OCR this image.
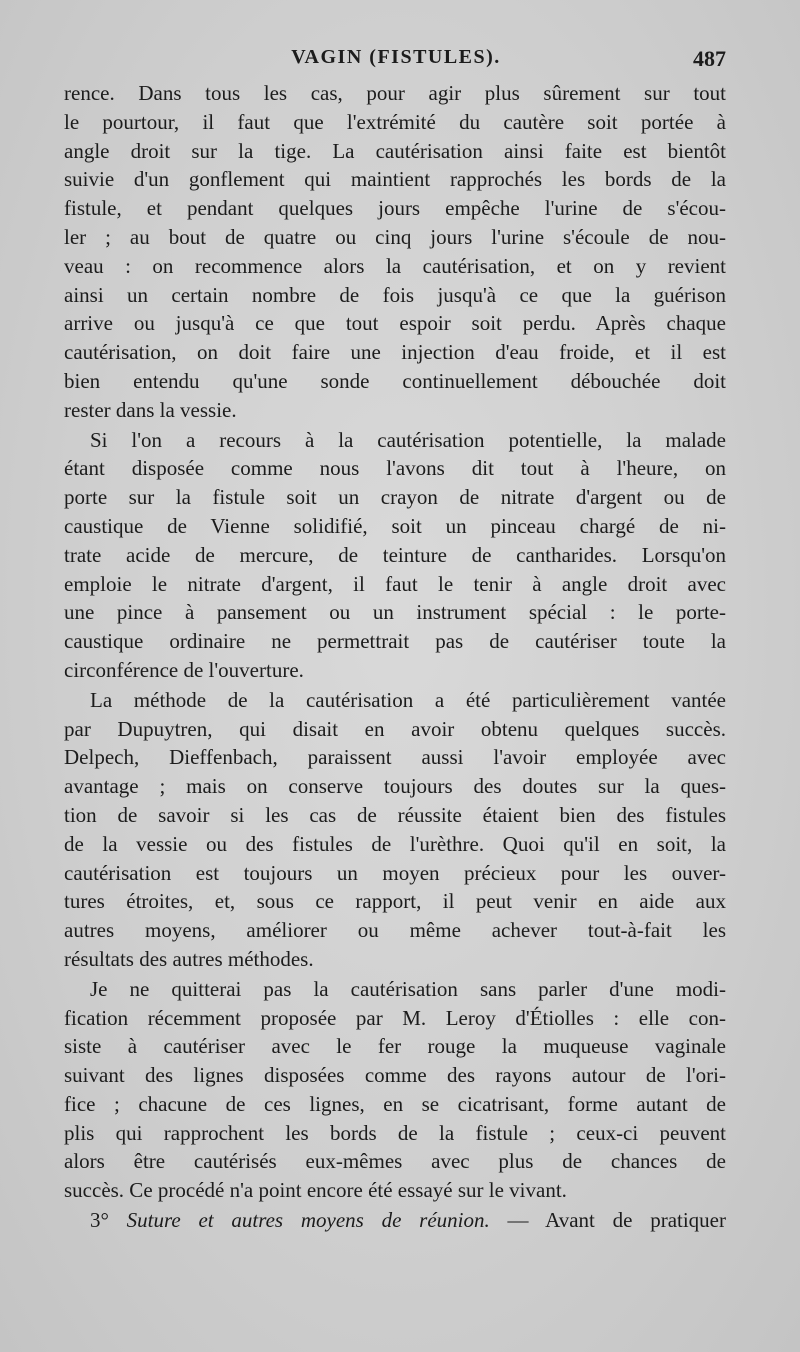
VAGIN (FISTULES).	487

rence. Dans tous les cas, pour agir plus sûrement sur tout
le pourtour, il faut que l'extrémité du cautère soit portée à
angle droit sur la tige. La cautérisation ainsi faite est bientôt
suivie d'un gonflement qui maintient rapprochés les bords de la
fistule, et pendant quelques jours empêche l'urine de s'écou-
ler ; au bout de quatre ou cinq jours l'urine s'écoule de nou-
veau : on recommence alors la cautérisation, et on y revient
ainsi un certain nombre de fois jusqu'à ce que la guérison
arrive ou jusqu'à ce que tout espoir soit perdu. Après chaque
cautérisation, on doit faire une injection d'eau froide, et il est
bien entendu qu'une sonde continuellement débouchée doit
rester dans la vessie.

Si l'on a recours à la cautérisation potentielle, la malade
étant disposée comme nous l'avons dit tout à l'heure, on
porte sur la fistule soit un crayon de nitrate d'argent ou de
caustique de Vienne solidifié, soit un pinceau chargé de ni-
trate acide de mercure, de teinture de cantharides. Lorsqu'on
emploie le nitrate d'argent, il faut le tenir à angle droit avec
une pince à pansement ou un instrument spécial : le porte-
caustique ordinaire ne permettrait pas de cautériser toute la
circonférence de l'ouverture.

La méthode de la cautérisation a été particulièrement vantée
par Dupuytren, qui disait en avoir obtenu quelques succès.
Delpech, Dieffenbach, paraissent aussi l'avoir employée avec
avantage ; mais on conserve toujours des doutes sur la ques-
tion de savoir si les cas de réussite étaient bien des fistules
de la vessie ou des fistules de l'urèthre. Quoi qu'il en soit, la
cautérisation est toujours un moyen précieux pour les ouver-
tures étroites, et, sous ce rapport, il peut venir en aide aux
autres moyens, améliorer ou même achever tout-à-fait les
résultats des autres méthodes.

Je ne quitterai pas la cautérisation sans parler d'une modi-
fication récemment proposée par M. Leroy d'Étiolles : elle con-
siste à cautériser avec le fer rouge la muqueuse vaginale
suivant des lignes disposées comme des rayons autour de l'ori-
fice ; chacune de ces lignes, en se cicatrisant, forme autant de
plis qui rapprochent les bords de la fistule ; ceux-ci peuvent
alors être cautérisés eux-mêmes avec plus de chances de
succès. Ce procédé n'a point encore été essayé sur le vivant.

3° Suture et autres moyens de réunion. — Avant de pratiquer
